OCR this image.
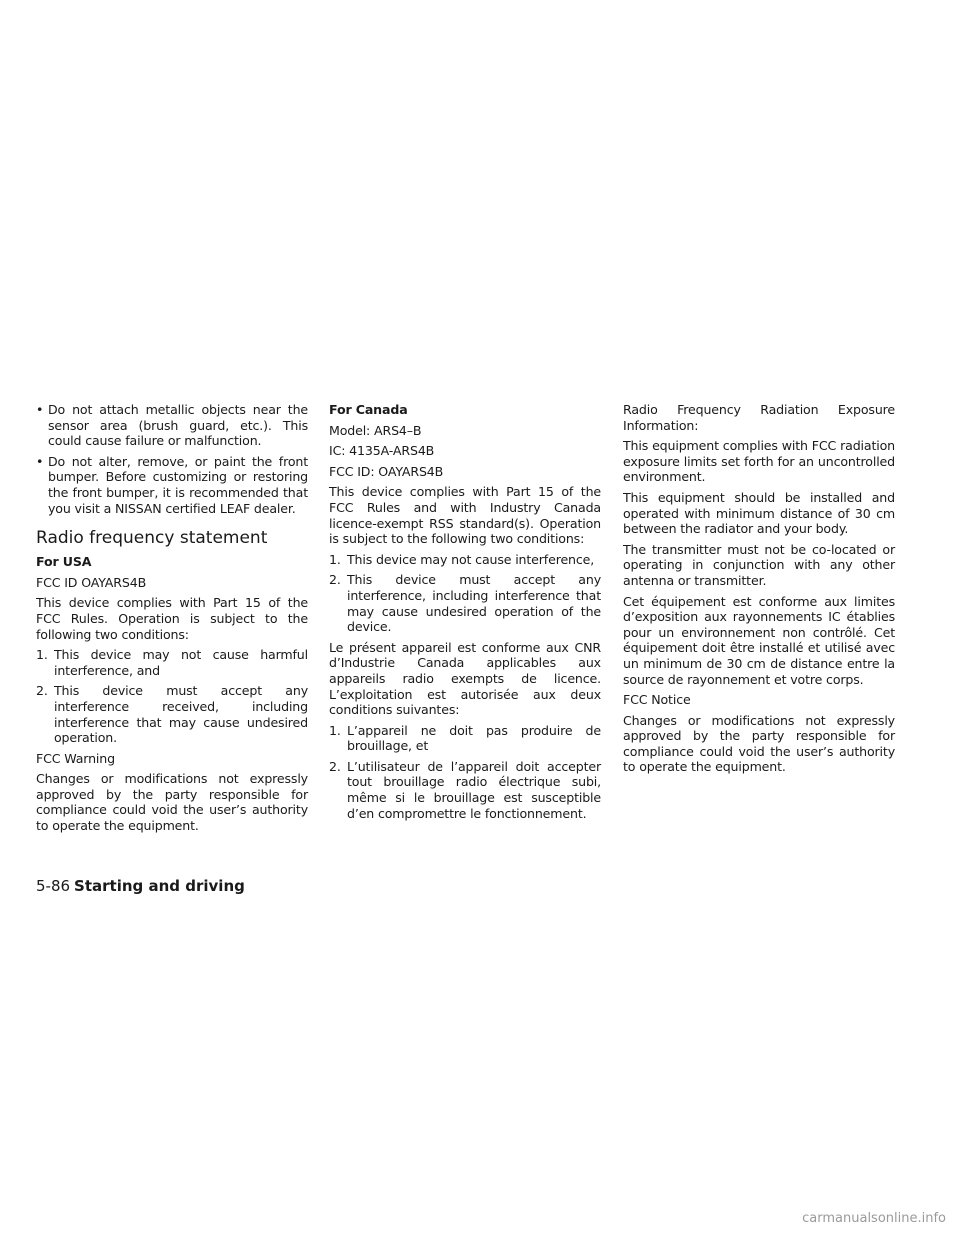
• Do not attach metallic objects near the sensor area (brush guard, etc.). This could cause failure or malfunction.
• Do not alter, remove, or paint the front bumper. Before customizing or restoring the front bumper, it is recommended that you visit a NISSAN certified LEAF dealer.
Radio frequency statement

For USA

FCC ID OAYARS4B

This device complies with Part 15 of the FCC Rules. Operation is subject to the following two conditions:

1. This device may not cause harmful interference, and
2. This device must accept any interference received, including interference that may cause undesired operation.

FCC Warning

Changes or modifications not expressly approved by the party responsible for compliance could void the user’s authority to operate the equipment.

For Canada

Model: ARS4–B

IC: 4135A-ARS4B

FCC ID: OAYARS4B

This device complies with Part 15 of the FCC Rules and with Industry Canada licence-exempt RSS standard(s). Operation is subject to the following two conditions:

1. This device may not cause interference,
2. This device must accept any interference, including interference that may cause undesired operation of the device.

Le présent appareil est conforme aux CNR d’Industrie Canada applicables aux appareils radio exempts de licence. L’exploitation est autorisée aux deux conditions suivantes:

1. L’appareil ne doit pas produire de brouillage, et
2. L’utilisateur de l’appareil doit accepter tout brouillage radio électrique subi, même si le brouillage est susceptible d’en compromettre le fonctionnement.

Radio Frequency Radiation Exposure Information:

This equipment complies with FCC radiation exposure limits set forth for an uncontrolled environment.

This equipment should be installed and operated with minimum distance of 30 cm between the radiator and your body.

The transmitter must not be co-located or operating in conjunction with any other antenna or transmitter.

Cet équipement est conforme aux limites d’exposition aux rayonnements IC établies pour un environnement non contrôlé. Cet équipement doit être installé et utilisé avec un minimum de 30 cm de distance entre la source de rayonnement et votre corps.

FCC Notice

Changes or modifications not expressly approved by the party responsible for compliance could void the user’s authority to operate the equipment.

5-86 Starting and driving
carmanualsonline.info
